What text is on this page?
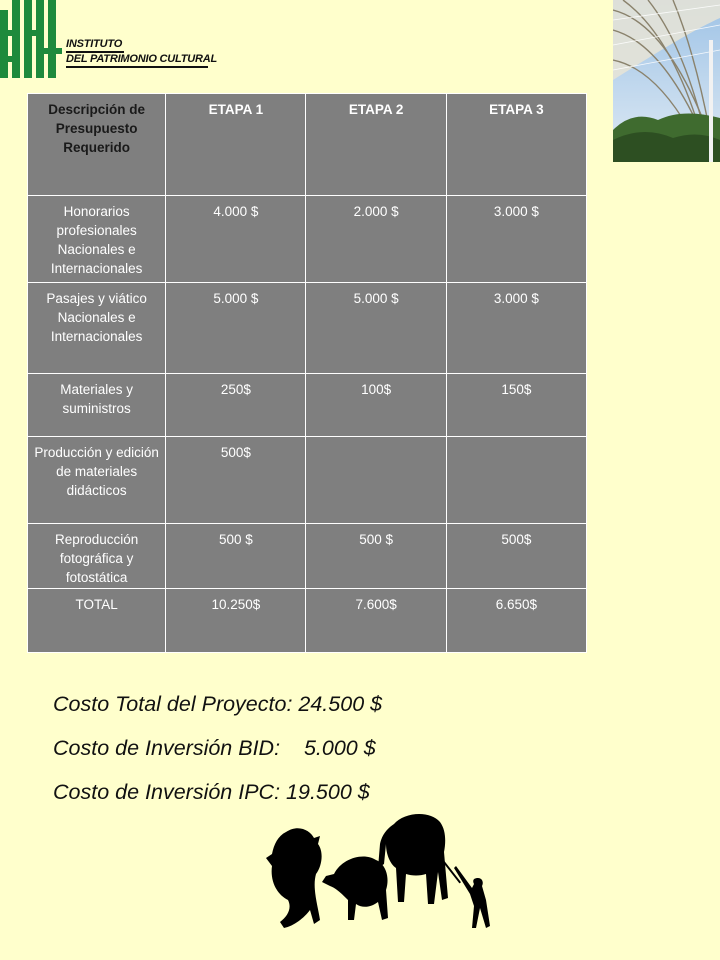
INSTITUTO
DEL PATRIMONIO CULTURAL
Descripción de Presupuesto Requerido	ETAPA 1	ETAPA 2	ETAPA 3
Honorarios profesionales Nacionales e Internacionales	4.000 $	2.000 $	3.000 $
Pasajes y viático Nacionales e Internacionales	5.000 $	5.000 $	3.000 $
Materiales y suministros	250$	100$	150$
Producción y edición de materiales didácticos	500$		
Reproducción fotográfica y fotostática	500 $	500 $	500$
TOTAL	10.250$	7.600$	6.650$
Costo Total del Proyecto: 24.500 $
Costo de Inversión BID:    5.000 $
Costo de Inversión IPC: 19.500 $
